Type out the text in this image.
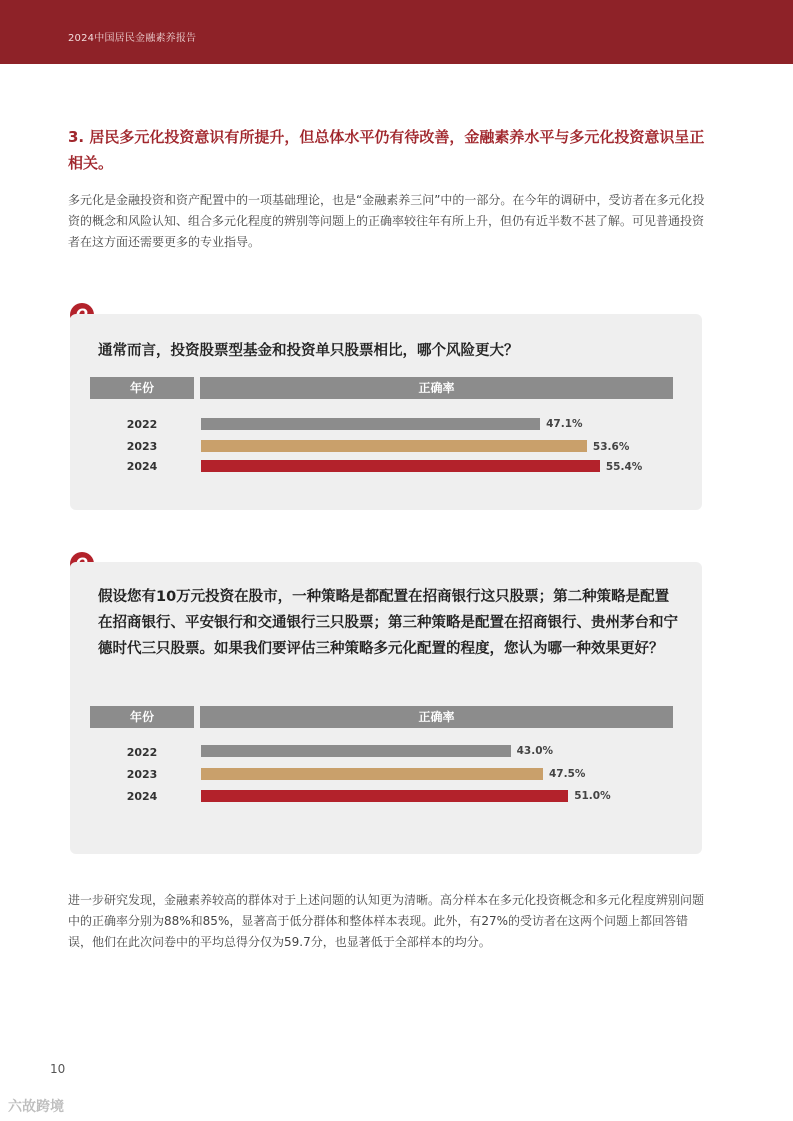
2024中国居民金融素养报告
3. 居民多元化投资意识有所提升，但总体水平仍有待改善，金融素养水平与多元化投资意识呈正相关。
多元化是金融投资和资产配置中的一项基础理论，也是“金融素养三问”中的一部分。在今年的调研中，受访者在多元化投资的概念和风险认知、组合多元化程度的辨别等问题上的正确率较往年有所上升，但仍有近半数不甚了解。可见普通投资者在这方面还需要更多的专业指导。
通常而言，投资股票型基金和投资单只股票相比，哪个风险更大？
年份	正确率
2022	47.1%
2023	53.6%
2024	55.4%
假设您有10万元投资在股市，一种策略是都配置在招商银行这只股票；第二种策略是配置在招商银行、平安银行和交通银行三只股票；第三种策略是配置在招商银行、贵州茅台和宁德时代三只股票。如果我们要评估三种策略多元化配置的程度，您认为哪一种效果更好？
年份	正确率
2022	43.0%
2023	47.5%
2024	51.0%
进一步研究发现，金融素养较高的群体对于上述问题的认知更为清晰。高分样本在多元化投资概念和多元化程度辨别问题中的正确率分别为88%和85%，显著高于低分群体和整体样本表现。此外，有27%的受访者在这两个问题上都回答错误，他们在此次问卷中的平均总得分仅为59.7分，也显著低于全部样本的均分。
10
六故跨境
